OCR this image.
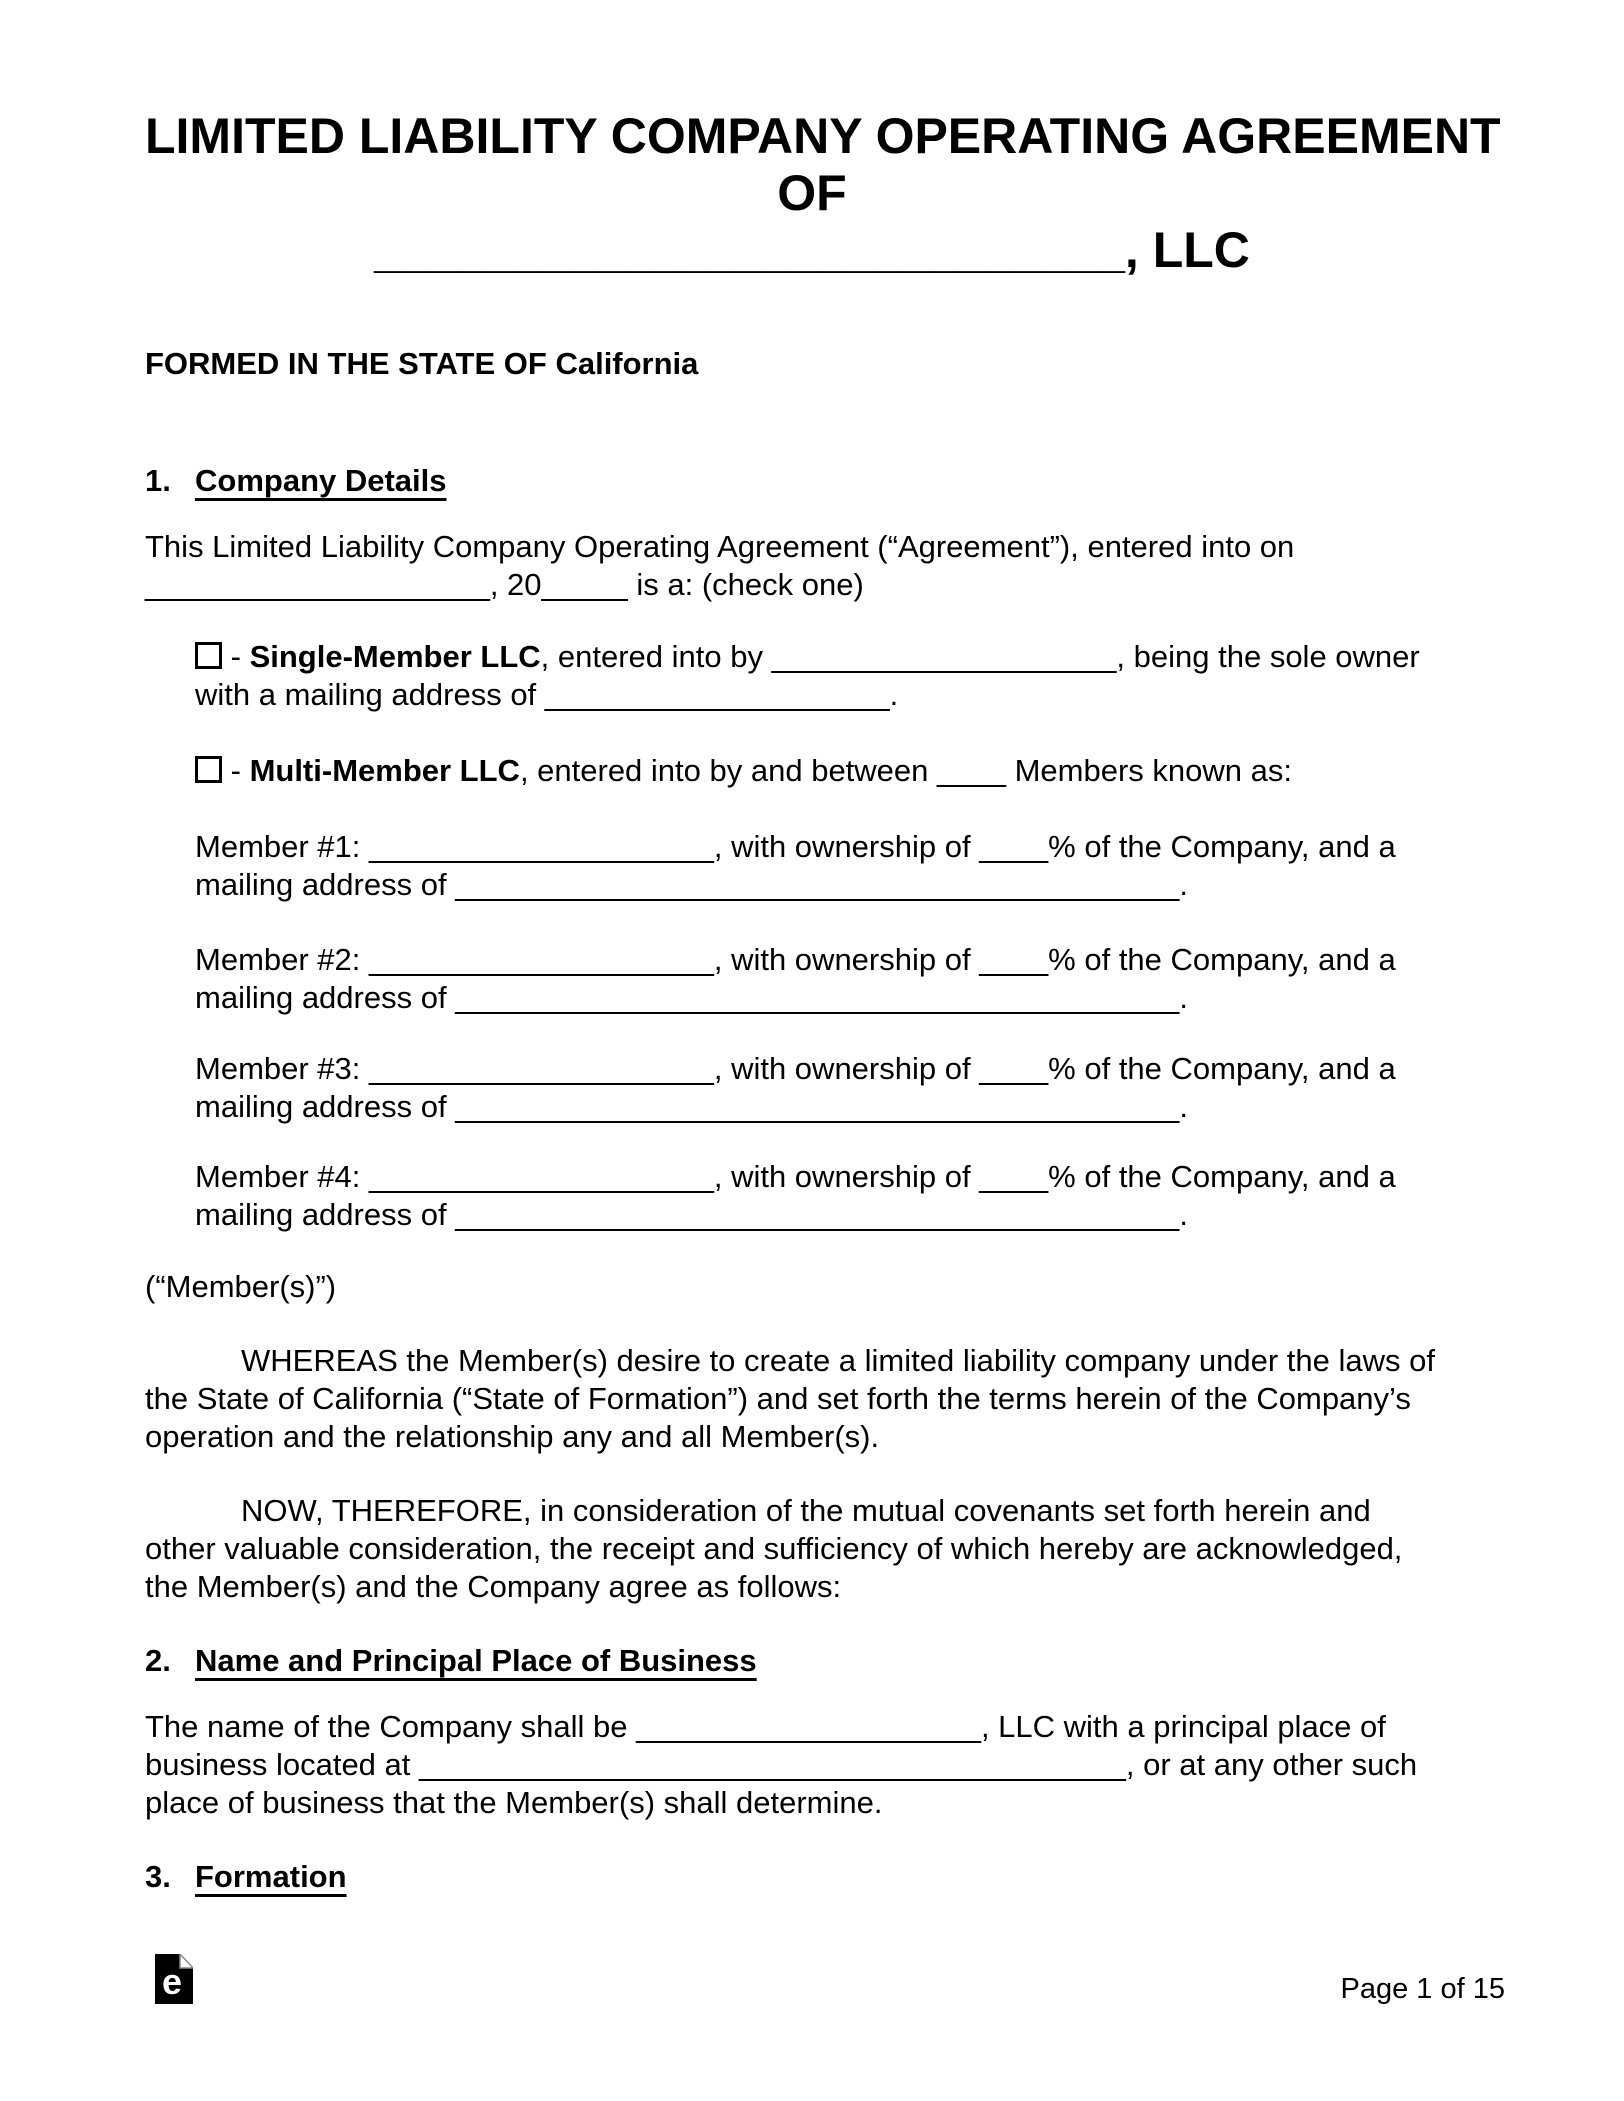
LIMITED LIABILITY COMPANY OPERATING AGREEMENT
OF
___________________________, LLC
FORMED IN THE STATE OF California
1. Company Details
This Limited Liability Company Operating Agreement (“Agreement”), entered into on
____________________, 20_____ is a: (check one)
- Single-Member LLC, entered into by ____________________, being the sole owner
with a mailing address of ____________________.
- Multi-Member LLC, entered into by and between ____ Members known as:
Member #1: ____________________, with ownership of ____% of the Company, and a
mailing address of __________________________________________.
Member #2: ____________________, with ownership of ____% of the Company, and a
mailing address of __________________________________________.
Member #3: ____________________, with ownership of ____% of the Company, and a
mailing address of __________________________________________.
Member #4: ____________________, with ownership of ____% of the Company, and a
mailing address of __________________________________________.
(“Member(s)”)
WHEREAS the Member(s) desire to create a limited liability company under the laws of
the State of California (“State of Formation”) and set forth the terms herein of the Company’s
operation and the relationship any and all Member(s).
NOW, THEREFORE, in consideration of the mutual covenants set forth herein and
other valuable consideration, the receipt and sufficiency of which hereby are acknowledged,
the Member(s) and the Company agree as follows:
2. Name and Principal Place of Business
The name of the Company shall be ____________________, LLC with a principal place of
business located at _________________________________________, or at any other such
place of business that the Member(s) shall determine.
3. Formation
e	Page 1 of 15
